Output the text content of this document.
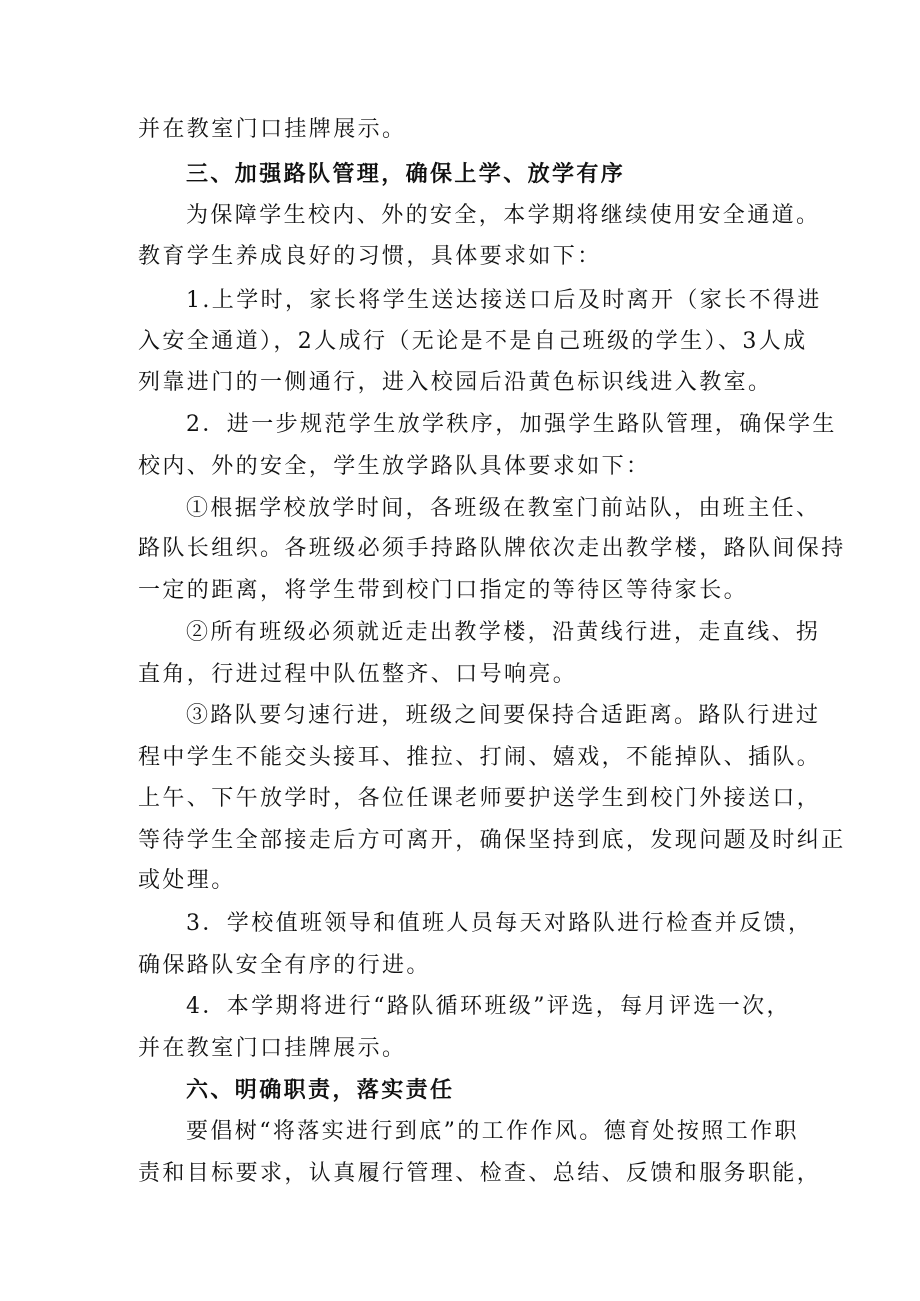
并在教室门口挂牌展示。
三、加强路队管理，确保上学、放学有序
为保障学生校内、外的安全，本学期将继续使用安全通道。
教育学生养成良好的习惯，具体要求如下：
1.上学时，家长将学生送达接送口后及时离开（家长不得进
入安全通道），2人成行（无论是不是自己班级的学生）、3人成
列靠进门的一侧通行，进入校园后沿黄色标识线进入教室。
2．进一步规范学生放学秩序，加强学生路队管理，确保学生
校内、外的安全，学生放学路队具体要求如下：
①根据学校放学时间，各班级在教室门前站队，由班主任、
路队长组织。各班级必须手持路队牌依次走出教学楼，路队间保持
一定的距离，将学生带到校门口指定的等待区等待家长。
②所有班级必须就近走出教学楼，沿黄线行进，走直线、拐
直角，行进过程中队伍整齐、口号响亮。
③路队要匀速行进，班级之间要保持合适距离。路队行进过
程中学生不能交头接耳、推拉、打闹、嬉戏，不能掉队、插队。
上午、下午放学时，各位任课老师要护送学生到校门外接送口，
等待学生全部接走后方可离开，确保坚持到底，发现问题及时纠正
或处理。
3．学校值班领导和值班人员每天对路队进行检查并反馈，
确保路队安全有序的行进。
4．本学期将进行“路队循环班级”评选，每月评选一次，
并在教室门口挂牌展示。
六、明确职责，落实责任
要倡树“将落实进行到底”的工作作风。德育处按照工作职
责和目标要求，认真履行管理、检查、总结、反馈和服务职能，
